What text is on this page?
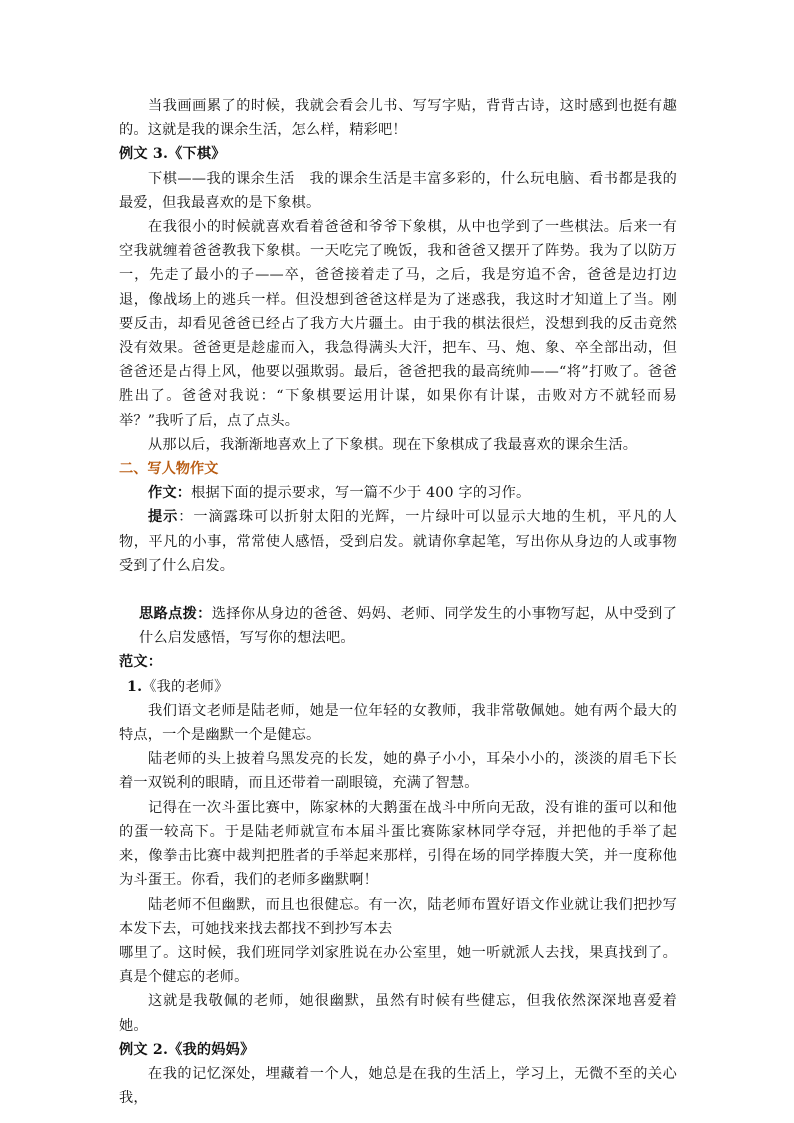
当我画画累了的时候，我就会看会儿书、写写字贴，背背古诗，这时感到也挺有趣的。这就是我的课余生活，怎么样，精彩吧！

例文 3.《下棋》

下棋——我的课余生活　我的课余生活是丰富多彩的，什么玩电脑、看书都是我的最爱，但我最喜欢的是下象棋。

在我很小的时候就喜欢看着爸爸和爷爷下象棋，从中也学到了一些棋法。后来一有空我就缠着爸爸教我下象棋。一天吃完了晚饭，我和爸爸又摆开了阵势。我为了以防万一，先走了最小的子——卒，爸爸接着走了马，之后，我是穷追不舍，爸爸是边打边退，像战场上的逃兵一样。但没想到爸爸这样是为了迷惑我，我这时才知道上了当。刚要反击，却看见爸爸已经占了我方大片疆土。由于我的棋法很烂，没想到我的反击竟然没有效果。爸爸更是趁虚而入，我急得满头大汗，把车、马、炮、象、卒全部出动，但爸爸还是占得上风，他要以强欺弱。最后，爸爸把我的最高统帅——“将”打败了。爸爸胜出了。爸爸对我说：“下象棋要运用计谋，如果你有计谋，击败对方不就轻而易举？”我听了后，点了点头。

从那以后，我渐渐地喜欢上了下象棋。现在下象棋成了我最喜欢的课余生活。

二、写人物作文

作文：根据下面的提示要求，写一篇不少于 400 字的习作。

提示：一滴露珠可以折射太阳的光辉，一片绿叶可以显示大地的生机，平凡的人物，平凡的小事，常常使人感悟，受到启发。就请你拿起笔，写出你从身边的人或事物受到了什么启发。

思路点拨：选择你从身边的爸爸、妈妈、老师、同学发生的小事物写起，从中受到了什么启发感悟，写写你的想法吧。

范文：

1.《我的老师》

我们语文老师是陆老师，她是一位年轻的女教师，我非常敬佩她。她有两个最大的特点，一个是幽默一个是健忘。

陆老师的头上披着乌黑发亮的长发，她的鼻子小小，耳朵小小的，淡淡的眉毛下长着一双锐利的眼睛，而且还带着一副眼镜，充满了智慧。

记得在一次斗蛋比赛中，陈家林的大鹅蛋在战斗中所向无敌，没有谁的蛋可以和他的蛋一较高下。于是陆老师就宣布本届斗蛋比赛陈家林同学夺冠，并把他的手举了起来，像拳击比赛中裁判把胜者的手举起来那样，引得在场的同学捧腹大笑，并一度称他为斗蛋王。你看，我们的老师多幽默啊！

陆老师不但幽默，而且也很健忘。有一次，陆老师布置好语文作业就让我们把抄写本发下去，可她找来找去都找不到抄写本去

哪里了。这时候，我们班同学刘家胜说在办公室里，她一听就派人去找，果真找到了。真是个健忘的老师。

这就是我敬佩的老师，她很幽默，虽然有时候有些健忘，但我依然深深地喜爱着她。

例文 2.《我的妈妈》

在我的记忆深处，埋藏着一个人，她总是在我的生活上，学习上，无微不至的关心我，
